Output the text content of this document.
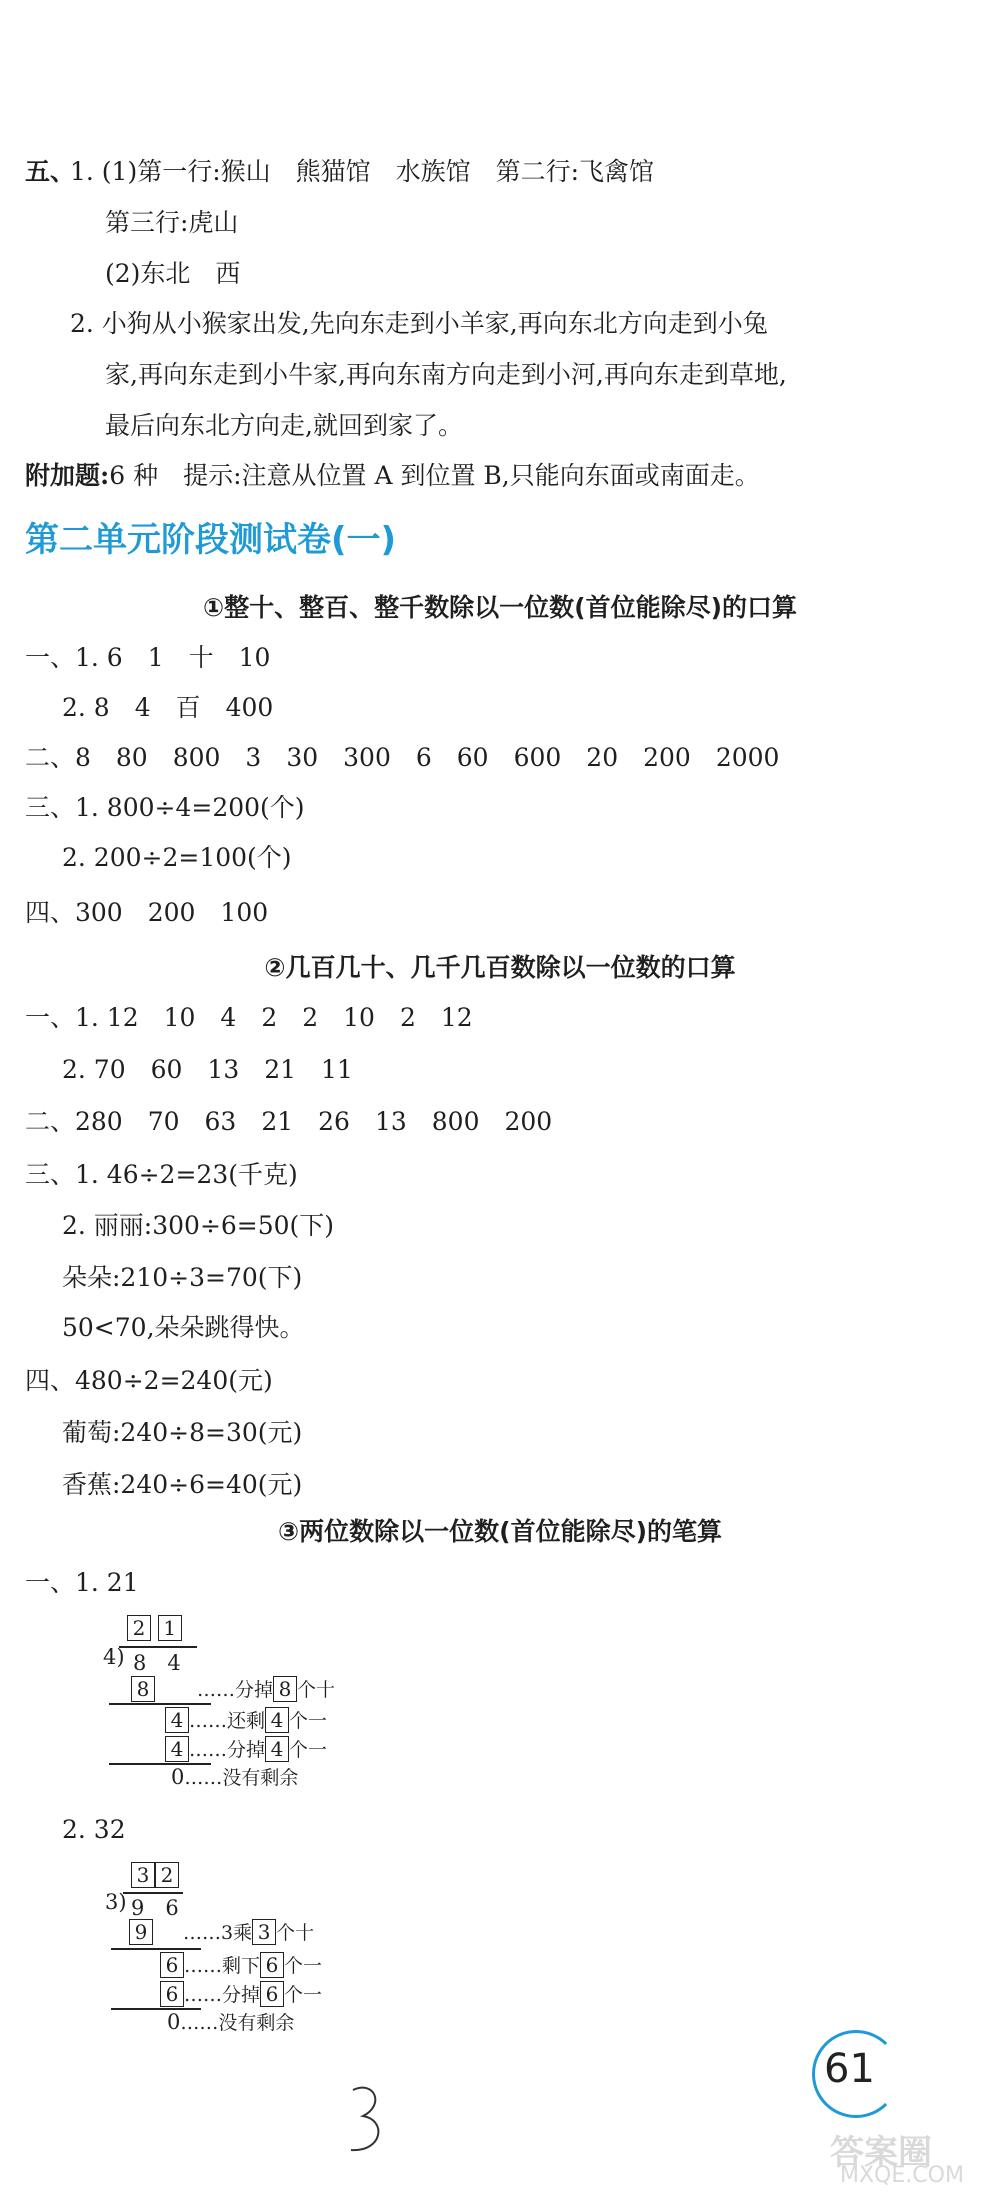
五、
1. (1)第一行:猴山　熊猫馆　水族馆　第二行:飞禽馆
第三行:虎山
(2)东北　西
2. 小狗从小猴家出发,先向东走到小羊家,再向东北方向走到小兔
家,再向东走到小牛家,再向东南方向走到小河,再向东走到草地,
最后向东北方向走,就回到家了。
附加题:6 种　提示:注意从位置 A 到位置 B,只能向东面或南面走。
第二单元阶段测试卷(一)
①整十、整百、整千数除以一位数(首位能除尽)的口算
一、1. 6　1　十　10
2. 8　4　百　400
二、8　80　800　3　30　300　6　60　600　20　200　2000
三、1. 800÷4=200(个)
2. 200÷2=100(个)
四、300　200　100
②几百几十、几千几百数除以一位数的口算
一、1. 12　10　4　2　2　10　2　12
2. 70　60　13　21　11
二、280　70　63　21　26　13　800　200
三、1. 46÷2=23(千克)
2. 丽丽:300÷6=50(下)
朵朵:210÷3=70(下)
50<70,朵朵跳得快。
四、480÷2=240(元)
葡萄:240÷8=30(元)
香蕉:240÷6=40(元)
③两位数除以一位数(首位能除尽)的笔算
一、1. 21
2 1
4) 8　4
8	……分掉 8 个十
4 ……还剩 4 个一
4 ……分掉 4 个一
0……没有剩余
2. 32
3 2
3) 9　6
9 ……3乘 3 个十
6 ……剩下 6 个一
6 ……分掉 6 个一
0……没有剩余
61
答案圈
MXQE.COM
